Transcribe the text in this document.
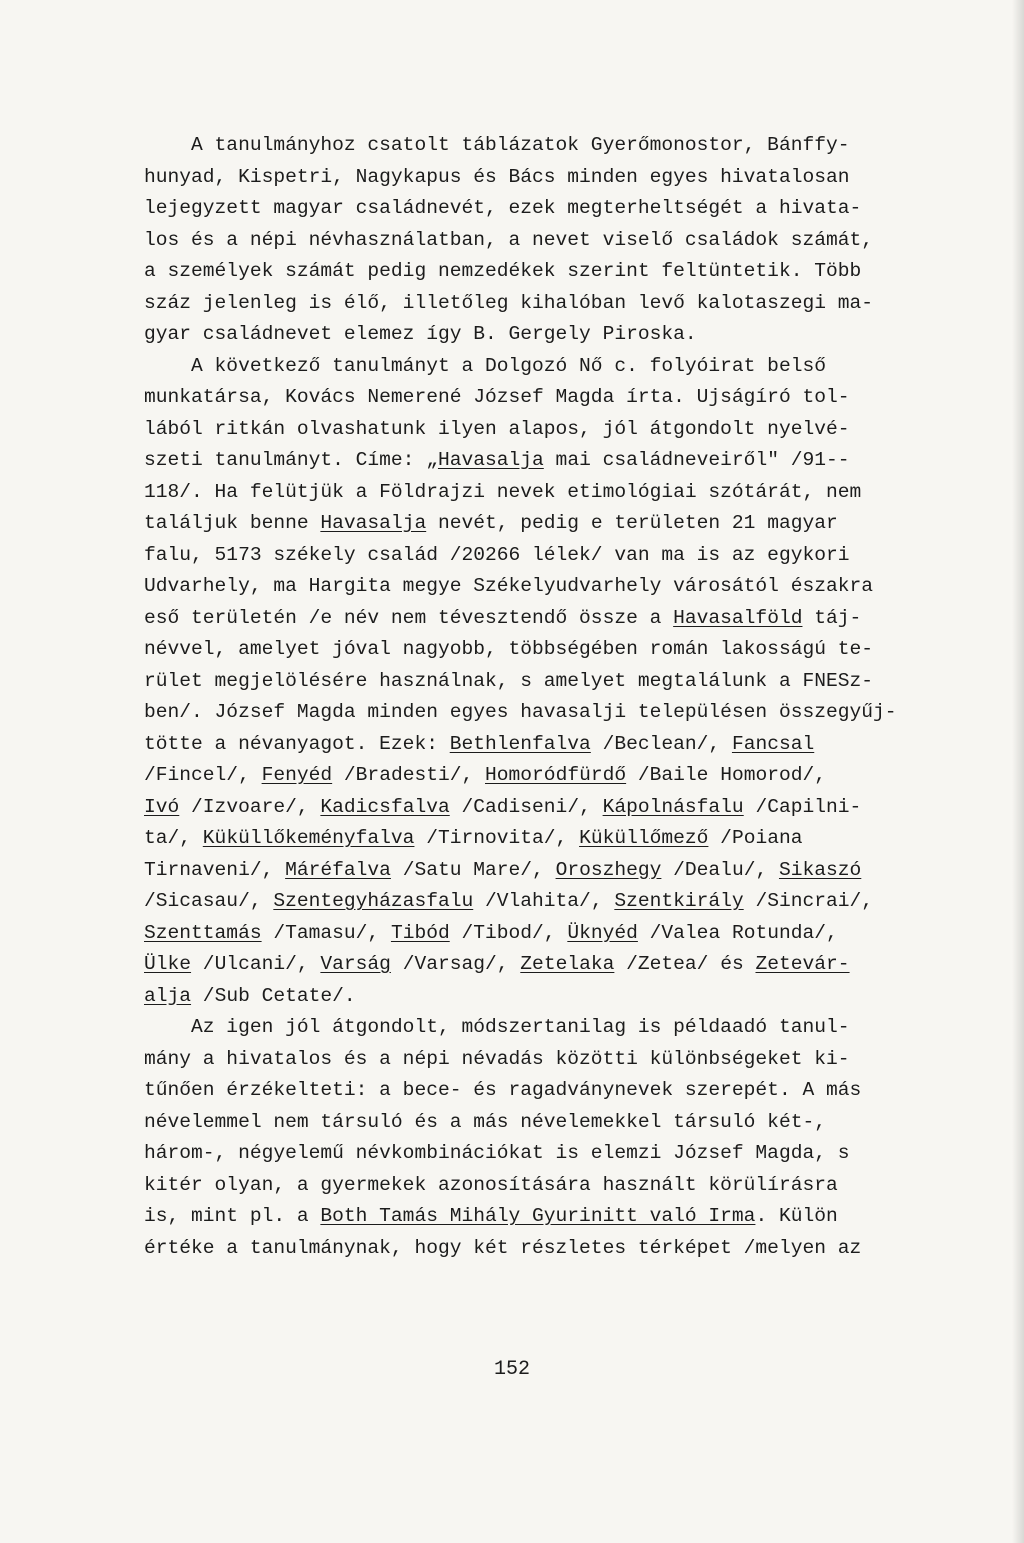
A tanulmányhoz csatolt táblázatok Gyerőmonostor, Bánffy-
hunyad, Kispetri, Nagykapus és Bács minden egyes hivatalosan
lejegyzett magyar családnevét, ezek megterheltségét a hivata-
los és a népi névhasználatban, a nevet viselő családok számát,
a személyek számát pedig nemzedékek szerint feltüntetik. Több
száz jelenleg is élő, illetőleg kihalóban levő kalotaszegi ma-
gyar családnevet elemez így B. Gergely Piroska.
A következő tanulmányt a Dolgozó Nő c. folyóirat belső
munkatársa, Kovács Nemerené József Magda írta. Ujságíró tol-
lából ritkán olvashatunk ilyen alapos, jól átgondolt nyelvé-
szeti tanulmányt. Címe: „Havasalja mai családneveiről" /91--
118/. Ha felütjük a Földrajzi nevek etimológiai szótárát, nem
találjuk benne Havasalja nevét, pedig e területen 21 magyar
falu, 5173 székely család /20266 lélek/ van ma is az egykori
Udvarhely, ma Hargita megye Székelyudvarhely városától északra
eső területén /e név nem tévesztendő össze a Havasalföld táj-
névvel, amelyet jóval nagyobb, többségében román lakosságú te-
rület megjelölésére használnak, s amelyet megtalálunk a FNESz-
ben/. József Magda minden egyes havasalji településen összegyűj-
tötte a névanyagot. Ezek: Bethlenfalva /Beclean/, Fancsal
/Fincel/, Fenyéd /Bradesti/, Homoródfürdő /Baile Homorod/,
Ivó /Izvoare/, Kadicsfalva /Cadiseni/, Kápolnásfalu /Capilni-
ta/, Küküllőkeményfalva /Tirnovita/, Küküllőmező /Poiana
Tirnaveni/, Máréfalva /Satu Mare/, Oroszhegy /Dealu/, Sikaszó
/Sicasau/, Szentegyházasfalu /Vlahita/, Szentkirály /Sincrai/,
Szenttamás /Tamasu/, Tibód /Tibod/, Üknyéd /Valea Rotunda/,
Ülke /Ulcani/, Varság /Varsag/, Zetelaka /Zetea/ és Zetevár-
alja /Sub Cetate/.
Az igen jól átgondolt, módszertanilag is példaadó tanul-
mány a hivatalos és a népi névadás közötti különbségeket ki-
tűnően érzékelteti: a bece- és ragadványnevek szerepét. A más
névelemmel nem társuló és a más névelemekkel társuló két-,
három-, négyelemű névkombinációkat is elemzi József Magda, s
kitér olyan, a gyermekek azonosítására használt körülírásra
is, mint pl. a Both Tamás Mihály Gyurinitt való Irma. Külön
értéke a tanulmánynak, hogy két részletes térképet /melyen az
152
